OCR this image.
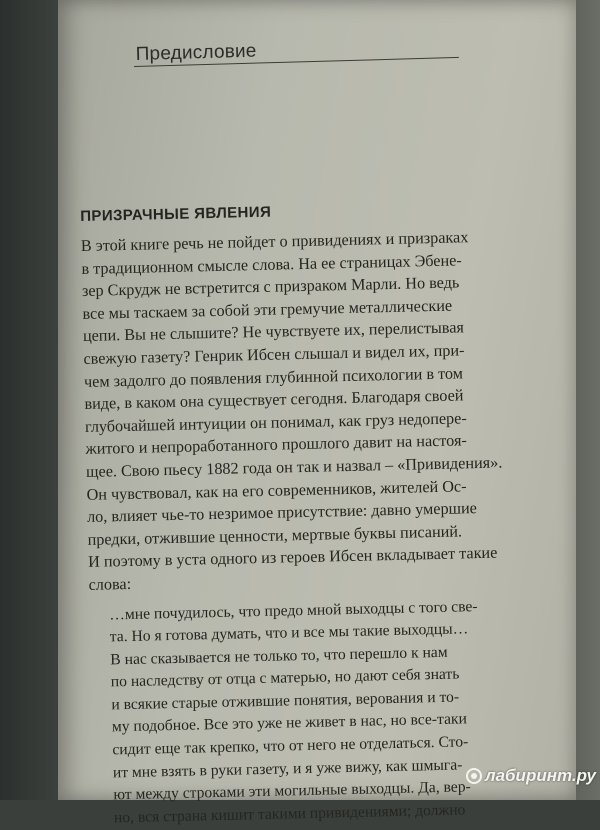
Предисловие
ПРИЗРАЧНЫЕ ЯВЛЕНИЯ
В этой книге речь не пойдет о привидениях и призраках
в традиционном смысле слова. На ее страницах Эбене-
зер Скрудж не встретится с призраком Марли. Но ведь
все мы таскаем за собой эти гремучие металлические
цепи. Вы не слышите? Не чувствуете их, перелистывая
свежую газету? Генрик Ибсен слышал и видел их, при-
чем задолго до появления глубинной психологии в том
виде, в каком она существует сегодня. Благодаря своей
глубочайшей интуиции он понимал, как груз недопере-
житого и непроработанного прошлого давит на настоя-
щее. Свою пьесу 1882 года он так и назвал – «Привидения».
Он чувствовал, как на его современников, жителей Ос-
ло, влияет чье-то незримое присутствие: давно умершие
предки, отжившие ценности, мертвые буквы писаний.
И поэтому в уста одного из героев Ибсен вкладывает такие
слова:
…мне почудилось, что предо мной выходцы с того све-
та. Но я готова думать, что и все мы такие выходцы…
В нас сказывается не только то, что перешло к нам
по наследству от отца с матерью, но дают себя знать
и всякие старые отжившие понятия, верования и то-
му подобное. Все это уже не живет в нас, но все-таки
сидит еще так крепко, что от него не отделаться. Сто-
ит мне взять в руки газету, и я уже вижу, как шмыга-
ют между строками эти могильные выходцы. Да, вер-
но, вся страна кишит такими привидениями; должно
лабиринт.ру
